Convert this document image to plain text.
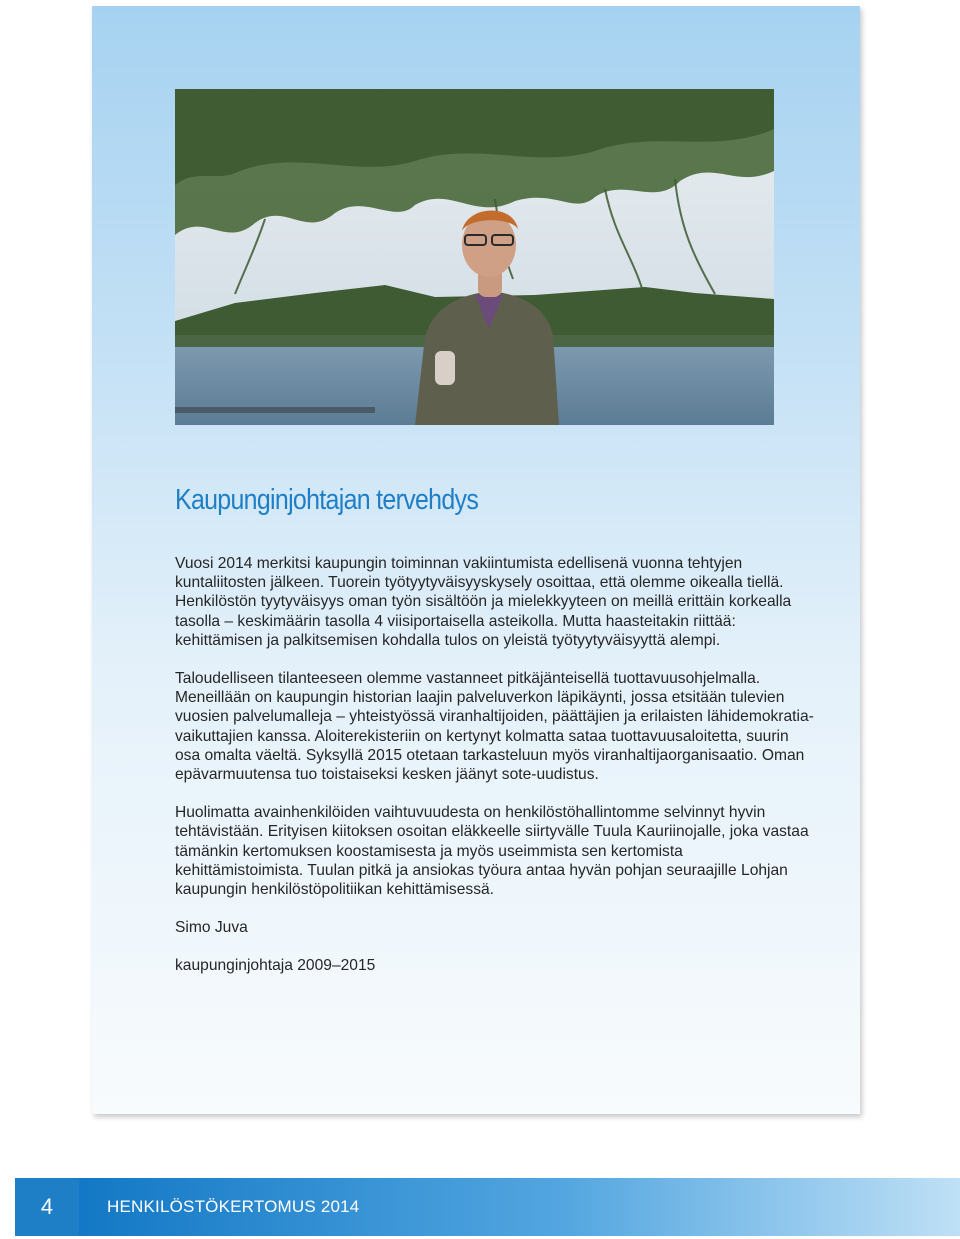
Kaupunginjohtajan tervehdys

Vuosi 2014 merkitsi kaupungin toiminnan vakiintumista edellisenä vuonna tehtyjen kuntaliitosten jälkeen. Tuorein työtyytyväisyyskysely osoittaa, että olemme oikealla tiellä. Henkilöstön tyytyväisyys oman työn sisältöön ja mielekkyyteen on meillä erittäin korkealla tasolla – keskimäärin tasolla 4 viisiportaisella asteikolla. Mutta haasteitakin riittää: kehittämisen ja palkitsemisen kohdalla tulos on yleistä työtyytyväisyyttä alempi.

Taloudelliseen tilanteeseen olemme vastanneet pitkäjänteisellä tuottavuusohjelmalla. Meneillään on kaupungin historian laajin palveluverkon läpikäynti, jossa etsitään tulevien vuosien palvelumalleja – yhteistyössä viranhaltijoiden, päättäjien ja erilaisten lähidemokratia-vaikuttajien kanssa. Aloiterekisteriin on kertynyt kolmatta sataa tuottavuusaloitetta, suurin osa omalta väeltä. Syksyllä 2015 otetaan tarkasteluun myös viranhaltijaorganisaatio. Oman epävarmuutensa tuo toistaiseksi kesken jäänyt sote-uudistus.

Huolimatta avainhenkilöiden vaihtuvuudesta on henkilöstöhallintomme selvinnyt hyvin tehtävistään. Erityisen kiitoksen osoitan eläkkeelle siirtyvälle Tuula Kauriinojalle, joka vastaa tämänkin kertomuksen koostamisesta ja myös useimmista sen kertomista kehittämistoimista. Tuulan pitkä ja ansiokas työura antaa hyvän pohjan seuraajille Lohjan kaupungin henkilöstöpolitiikan kehittämisessä.

Simo Juva

kaupunginjohtaja 2009–2015

4	HENKILÖSTÖKERTOMUS 2014
